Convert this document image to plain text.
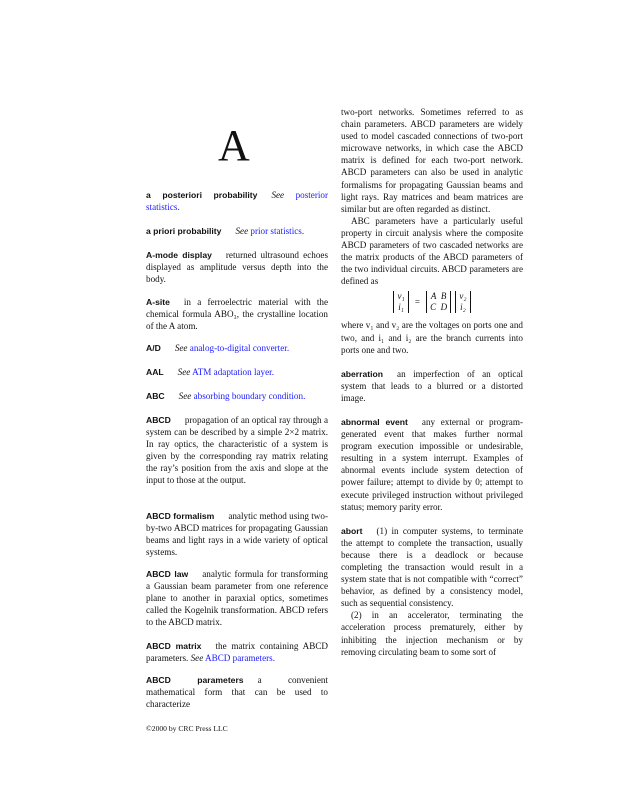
A
a posteriori probability See posterior statistics.
a priori probability See prior statistics.
A-mode display returned ultrasound echoes displayed as amplitude versus depth into the body.
A-site in a ferroelectric material with the chemical formula ABO₃, the crystalline location of the A atom.
A/D See analog-to-digital converter.
AAL See ATM adaptation layer.
ABC See absorbing boundary condition.
ABCD propagation of an optical ray through a system can be described by a simple 2×2 matrix. In ray optics, the characteristic of a system is given by the corresponding ray matrix relating the ray’s position from the axis and slope at the input to those at the output.
ABCD formalism analytic method using two-by-two ABCD matrices for propagating Gaussian beams and light rays in a wide variety of optical systems.
ABCD law analytic formula for transforming a Gaussian beam parameter from one reference plane to another in paraxial optics, sometimes called the Kogelnik transformation. ABCD refers to the ABCD matrix.
ABCD matrix the matrix containing ABCD parameters. See ABCD parameters.
ABCD parameters a convenient mathematical form that can be used to characterize

two-port networks. Sometimes referred to as chain parameters. ABCD parameters are widely used to model cascaded connections of two-port microwave networks, in which case the ABCD matrix is defined for each two-port network. ABCD parameters can also be used in analytic formalisms for propagating Gaussian beams and light rays. Ray matrices and beam matrices are similar but are often regarded as distinct.

ABC parameters have a particularly useful property in circuit analysis where the composite ABCD parameters of two cascaded networks are the matrix products of the ABCD parameters of the two individual circuits. ABCD parameters are defined as

v₁
i₁
=
A B
C D

v₂
i₂

where v₁ and v₂ are the voltages on ports one and two, and i₁ and i₂ are the branch currents into ports one and two.

aberration an imperfection of an optical system that leads to a blurred or a distorted image.

abnormal event any external or program-generated event that makes further normal program execution impossible or undesirable, resulting in a system interrupt. Examples of abnormal events include system detection of power failure; attempt to divide by 0; attempt to execute privileged instruction without privileged status; memory parity error.

abort (1) in computer systems, to terminate the attempt to complete the transaction, usually because there is a deadlock or because completing the transaction would result in a system state that is not compatible with “correct” behavior, as defined by a consistency model, such as sequential consistency.

(2) in an accelerator, terminating the acceleration process prematurely, either by inhibiting the injection mechanism or by removing circulating beam to some sort of

©2000 by CRC Press LLC
